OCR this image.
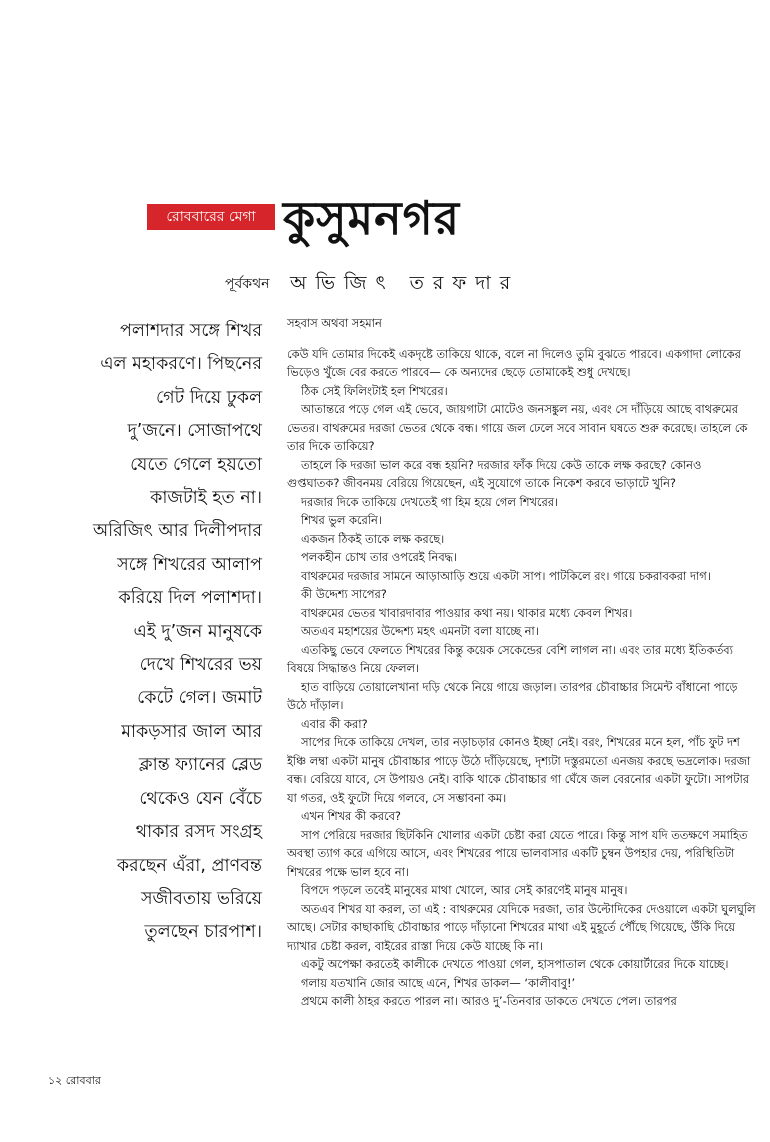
রোববারের মেগা কুসুমনগর
পূর্বকথন অভিজিৎ তরফদার
পলাশদার সঙ্গে শিখর
এল মহাকরণে। পিছনের
গেট দিয়ে ঢুকল
দু’জনে। সোজাপথে
যেতে গেলে হয়তো
কাজটাই হত না।
অরিজিৎ আর দিলীপদার
সঙ্গে শিখরের আলাপ
করিয়ে দিল পলাশদা।
এই দু’জন মানুষকে
দেখে শিখরের ভয়
কেটে গেল। জমাট
মাকড়সার জাল আর
ক্লান্ত ফ্যানের ব্লেড
থেকেও যেন বেঁচে
থাকার রসদ সংগ্রহ
করছেন এঁরা, প্রাণবন্ত
সজীবতায় ভরিয়ে
তুলছেন চারপাশ।
সহবাস অথবা সহমান

কেউ যদি তোমার দিকেই একদৃষ্টে তাকিয়ে থাকে, বলে না দিলেও তুমি বুঝতে পারবে। একগাদা লোকের ভিড়েও খুঁজে বের করতে পারবে— কে অন্যদের ছেড়ে তোমাকেই শুধু দেখছে।

ঠিক সেই ফিলিংটাই হল শিখরের।

আতান্তরে পড়ে গেল এই ভেবে, জায়গাটা মোটেও জনসঙ্কুল নয়, এবং সে দাঁড়িয়ে আছে বাথরুমের ভেতর। বাথরুমের দরজা ভেতর থেকে বন্ধ। গায়ে জল ঢেলে সবে সাবান ঘষতে শুরু করেছে। তাহলে কে তার দিকে তাকিয়ে?

তাহলে কি দরজা ভাল করে বন্ধ হয়নি? দরজার ফাঁক দিয়ে কেউ তাকে লক্ষ করছে? কোনও গুপ্তঘাতক? জীবনময় বেরিয়ে গিয়েছেন, এই সুযোগে তাকে নিকেশ করবে ভাড়াটে খুনি?

দরজার দিকে তাকিয়ে দেখতেই গা হিম হয়ে গেল শিখরের।

শিখর ভুল করেনি।

একজন ঠিকই তাকে লক্ষ করছে।

পলকহীন চোখ তার ওপরেই নিবদ্ধ।

বাথরুমের দরজার সামনে আড়াআড়ি শুয়ে একটা সাপ। পাটকিলে রং। গায়ে চকরাবকরা দাগ।

কী উদ্দেশ্য সাপের?

বাথরুমের ভেতর খাবারদাবার পাওয়ার কথা নয়। থাকার মধ্যে কেবল শিখর।

অতএব মহাশয়ের উদ্দেশ্য মহৎ এমনটা বলা যাচ্ছে না।

এতকিছু ভেবে ফেলতে শিখরের কিন্তু কয়েক সেকেন্ডের বেশি লাগল না। এবং তার মধ্যে ইতিকর্তব্য বিষয়ে সিদ্ধান্তও নিয়ে ফেলল।

হাত বাড়িয়ে তোয়ালেখানা দড়ি থেকে নিয়ে গায়ে জড়াল। তারপর চৌবাচ্চার সিমেন্ট বাঁধানো পাড়ে উঠে দাঁড়াল।

এবার কী করা?

সাপের দিকে তাকিয়ে দেখল, তার নড়াচড়ার কোনও ইচ্ছা নেই। বরং, শিখরের মনে হল, পাঁচ ফুট দশ ইঞ্চি লম্বা একটা মানুষ চৌবাচ্চার পাড়ে উঠে দাঁড়িয়েছে, দৃশ্যটা দস্তুরমতো এনজয় করছে ভদ্রলোক। দরজা বন্ধ। বেরিয়ে যাবে, সে উপায়ও নেই। বাকি থাকে চৌবাচ্চার গা ঘেঁষে জল বেরনোর একটা ফুটো। সাপটার যা গতর, ওই ফুটো দিয়ে গলবে, সে সম্ভাবনা কম।

এখন শিখর কী করবে?

সাপ পেরিয়ে দরজার ছিটকিনি খোলার একটা চেষ্টা করা যেতে পারে। কিন্তু সাপ যদি ততক্ষণে সমাহিত অবস্থা ত্যাগ করে এগিয়ে আসে, এবং শিখরের পায়ে ভালবাসার একটি চুম্বন উপহার দেয়, পরিস্থিতিটা শিখরের পক্ষে ভাল হবে না।

বিপদে পড়লে তবেই মানুষের মাথা খোলে, আর সেই কারণেই মানুষ মানুষ।

অতএব শিখর যা করল, তা এই : বাথরুমের যেদিকে দরজা, তার উল্টোদিকের দেওয়ালে একটা ঘুলঘুলি আছে। সেটার কাছাকাছি চৌবাচ্চার পাড়ে দাঁড়ানো শিখরের মাথা এই মুহূর্তে পৌঁছে গিয়েছে, উঁকি দিয়ে দ্যাখার চেষ্টা করল, বাইরের রাস্তা দিয়ে কেউ যাচ্ছে কি না।

একটু অপেক্ষা করতেই কালীকে দেখতে পাওয়া গেল, হাসপাতাল থেকে কোয়ার্টারের দিকে যাচ্ছে।

গলায় যতখানি জোর আছে এনে, শিখর ডাকল— ‘কালীবাবু!’

প্রথমে কালী ঠাহর করতে পারল না। আরও দু’-তিনবার ডাকতে দেখতে পেল। তারপর

১২ রোববার
